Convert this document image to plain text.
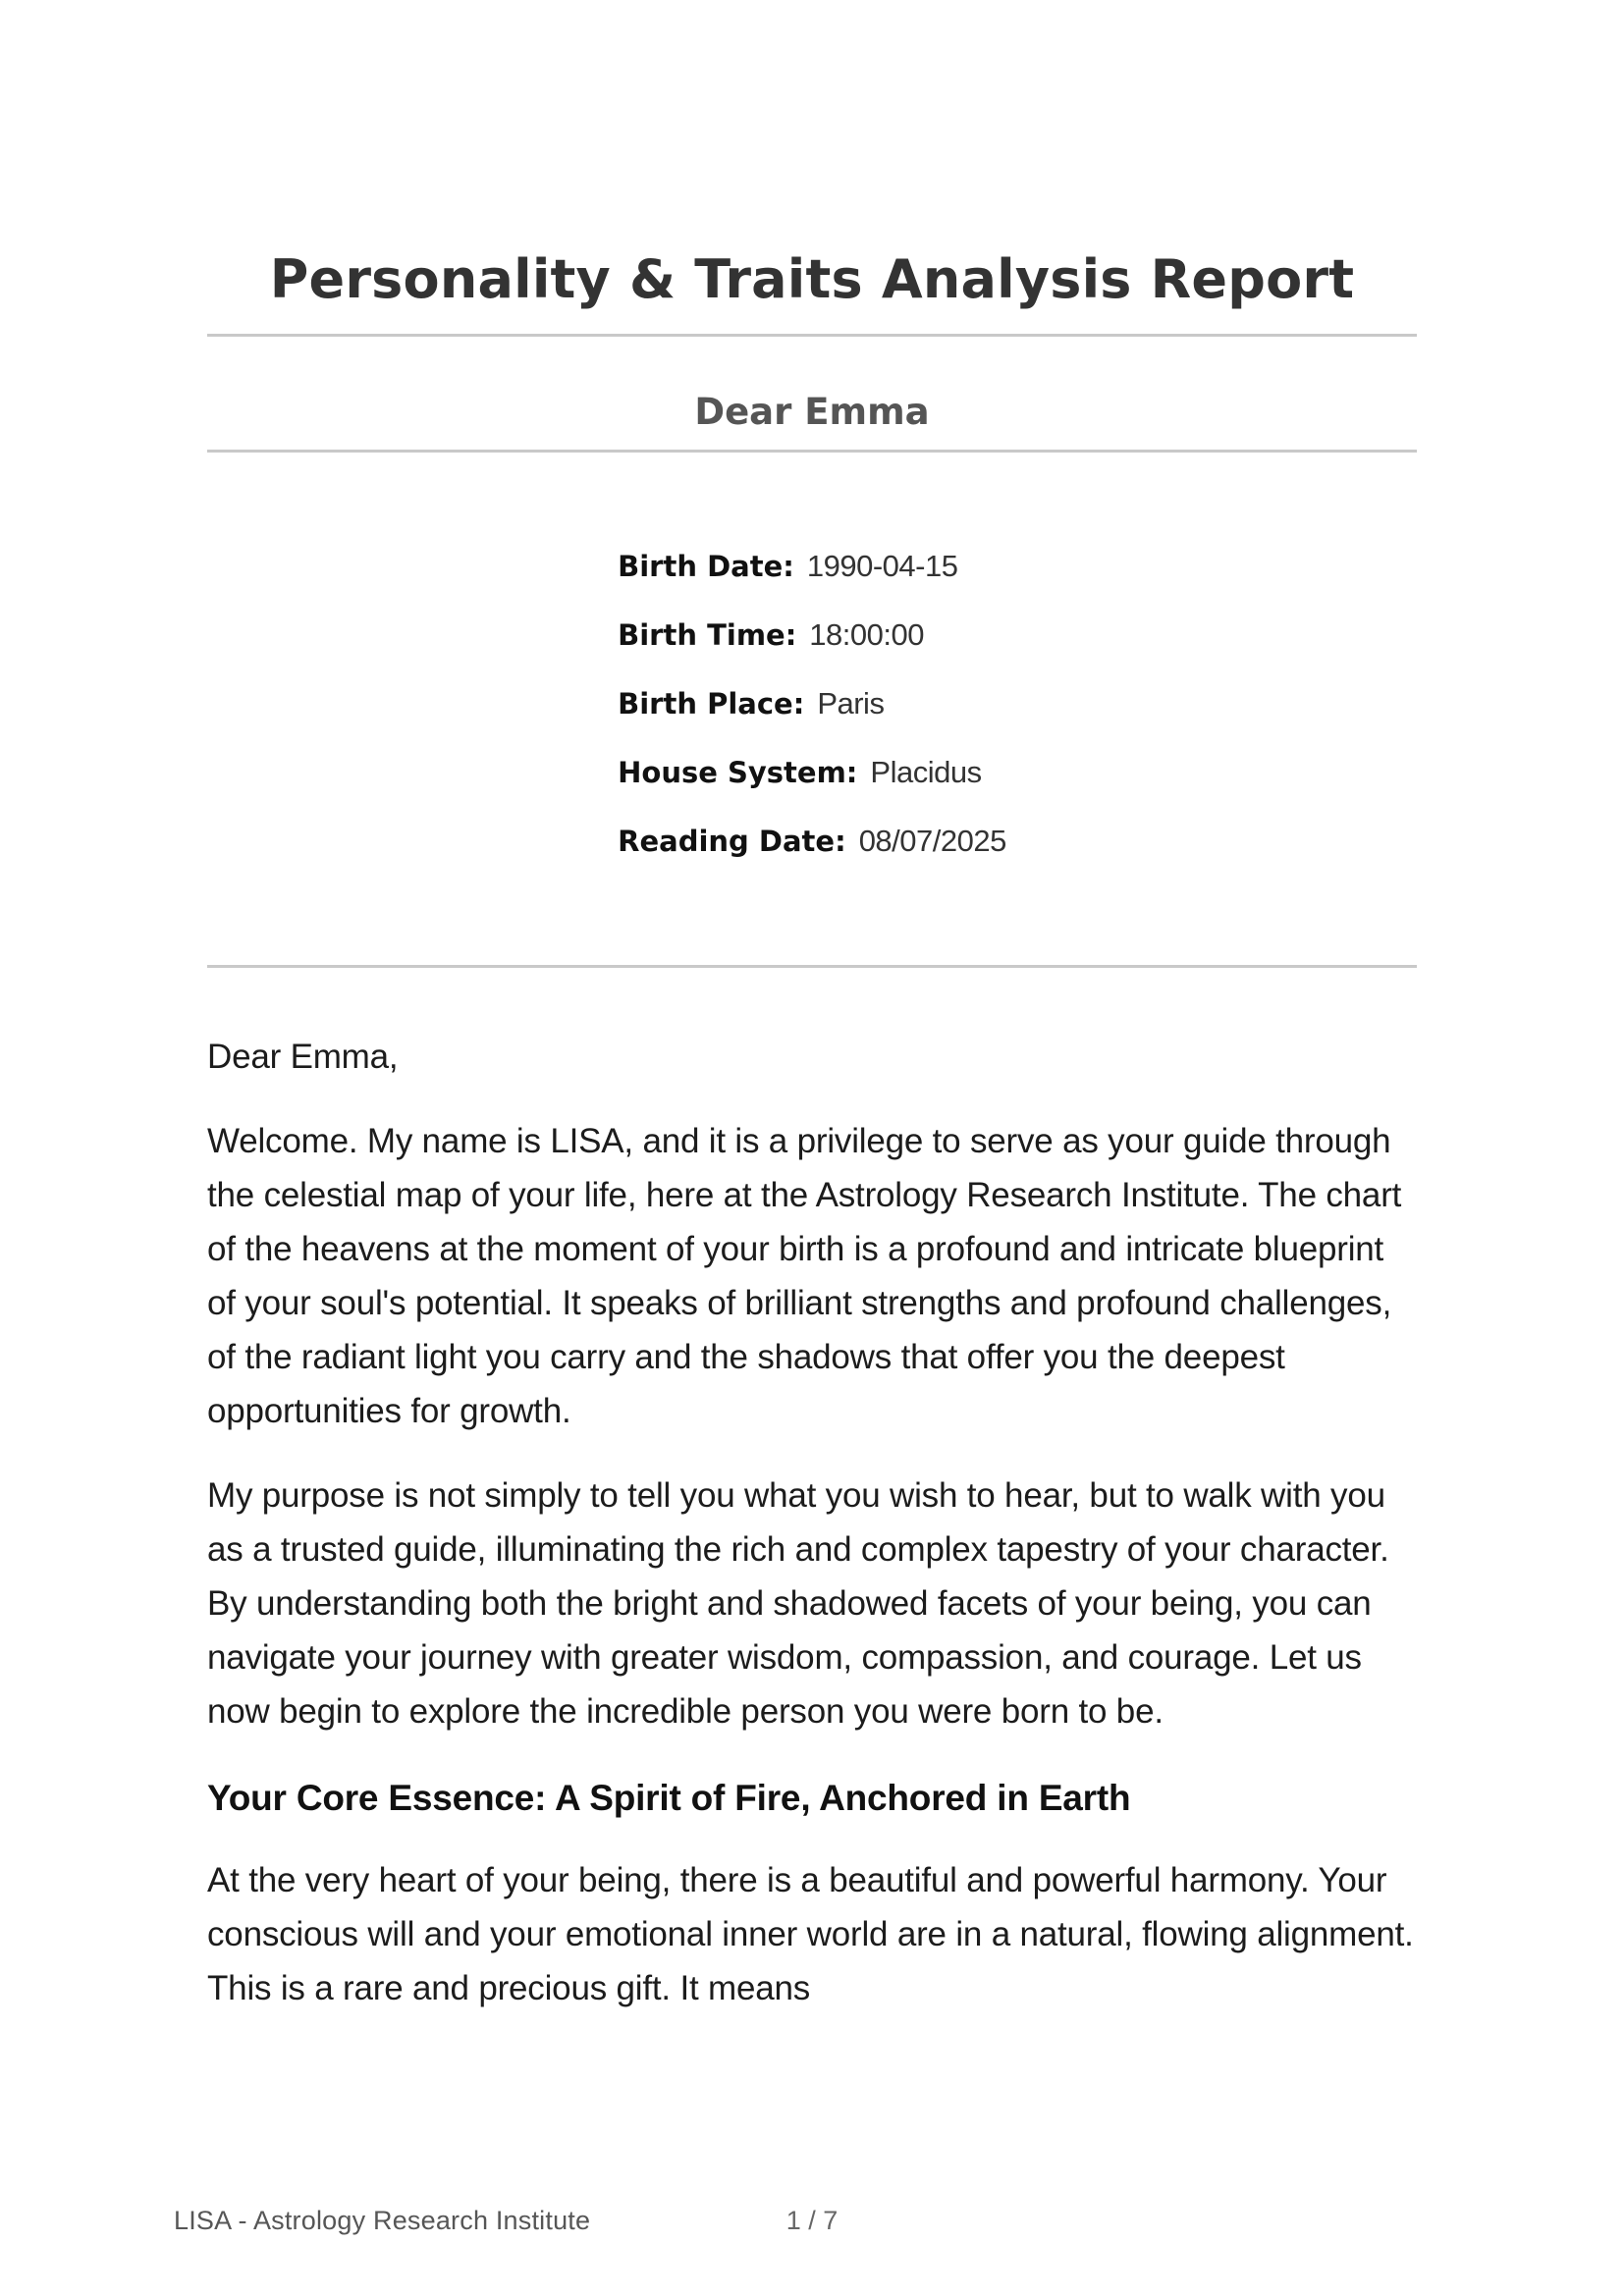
Personality & Traits Analysis Report
Dear Emma
Birth Date: 1990-04-15
Birth Time: 18:00:00
Birth Place: Paris
House System: Placidus
Reading Date: 08/07/2025

Dear Emma,

Welcome. My name is LISA, and it is a privilege to serve as your guide through the celestial map of your life, here at the Astrology Research Institute. The chart of the heavens at the moment of your birth is a profound and intricate blueprint of your soul's potential. It speaks of brilliant strengths and profound challenges, of the radiant light you carry and the shadows that offer you the deepest opportunities for growth.

My purpose is not simply to tell you what you wish to hear, but to walk with you as a trusted guide, illuminating the rich and complex tapestry of your character. By understanding both the bright and shadowed facets of your being, you can navigate your journey with greater wisdom, compassion, and courage. Let us now begin to explore the incredible person you were born to be.

Your Core Essence: A Spirit of Fire, Anchored in Earth

At the very heart of your being, there is a beautiful and powerful harmony. Your conscious will and your emotional inner world are in a natural, flowing alignment. This is a rare and precious gift. It means

LISA - Astrology Research Institute	1 / 7
